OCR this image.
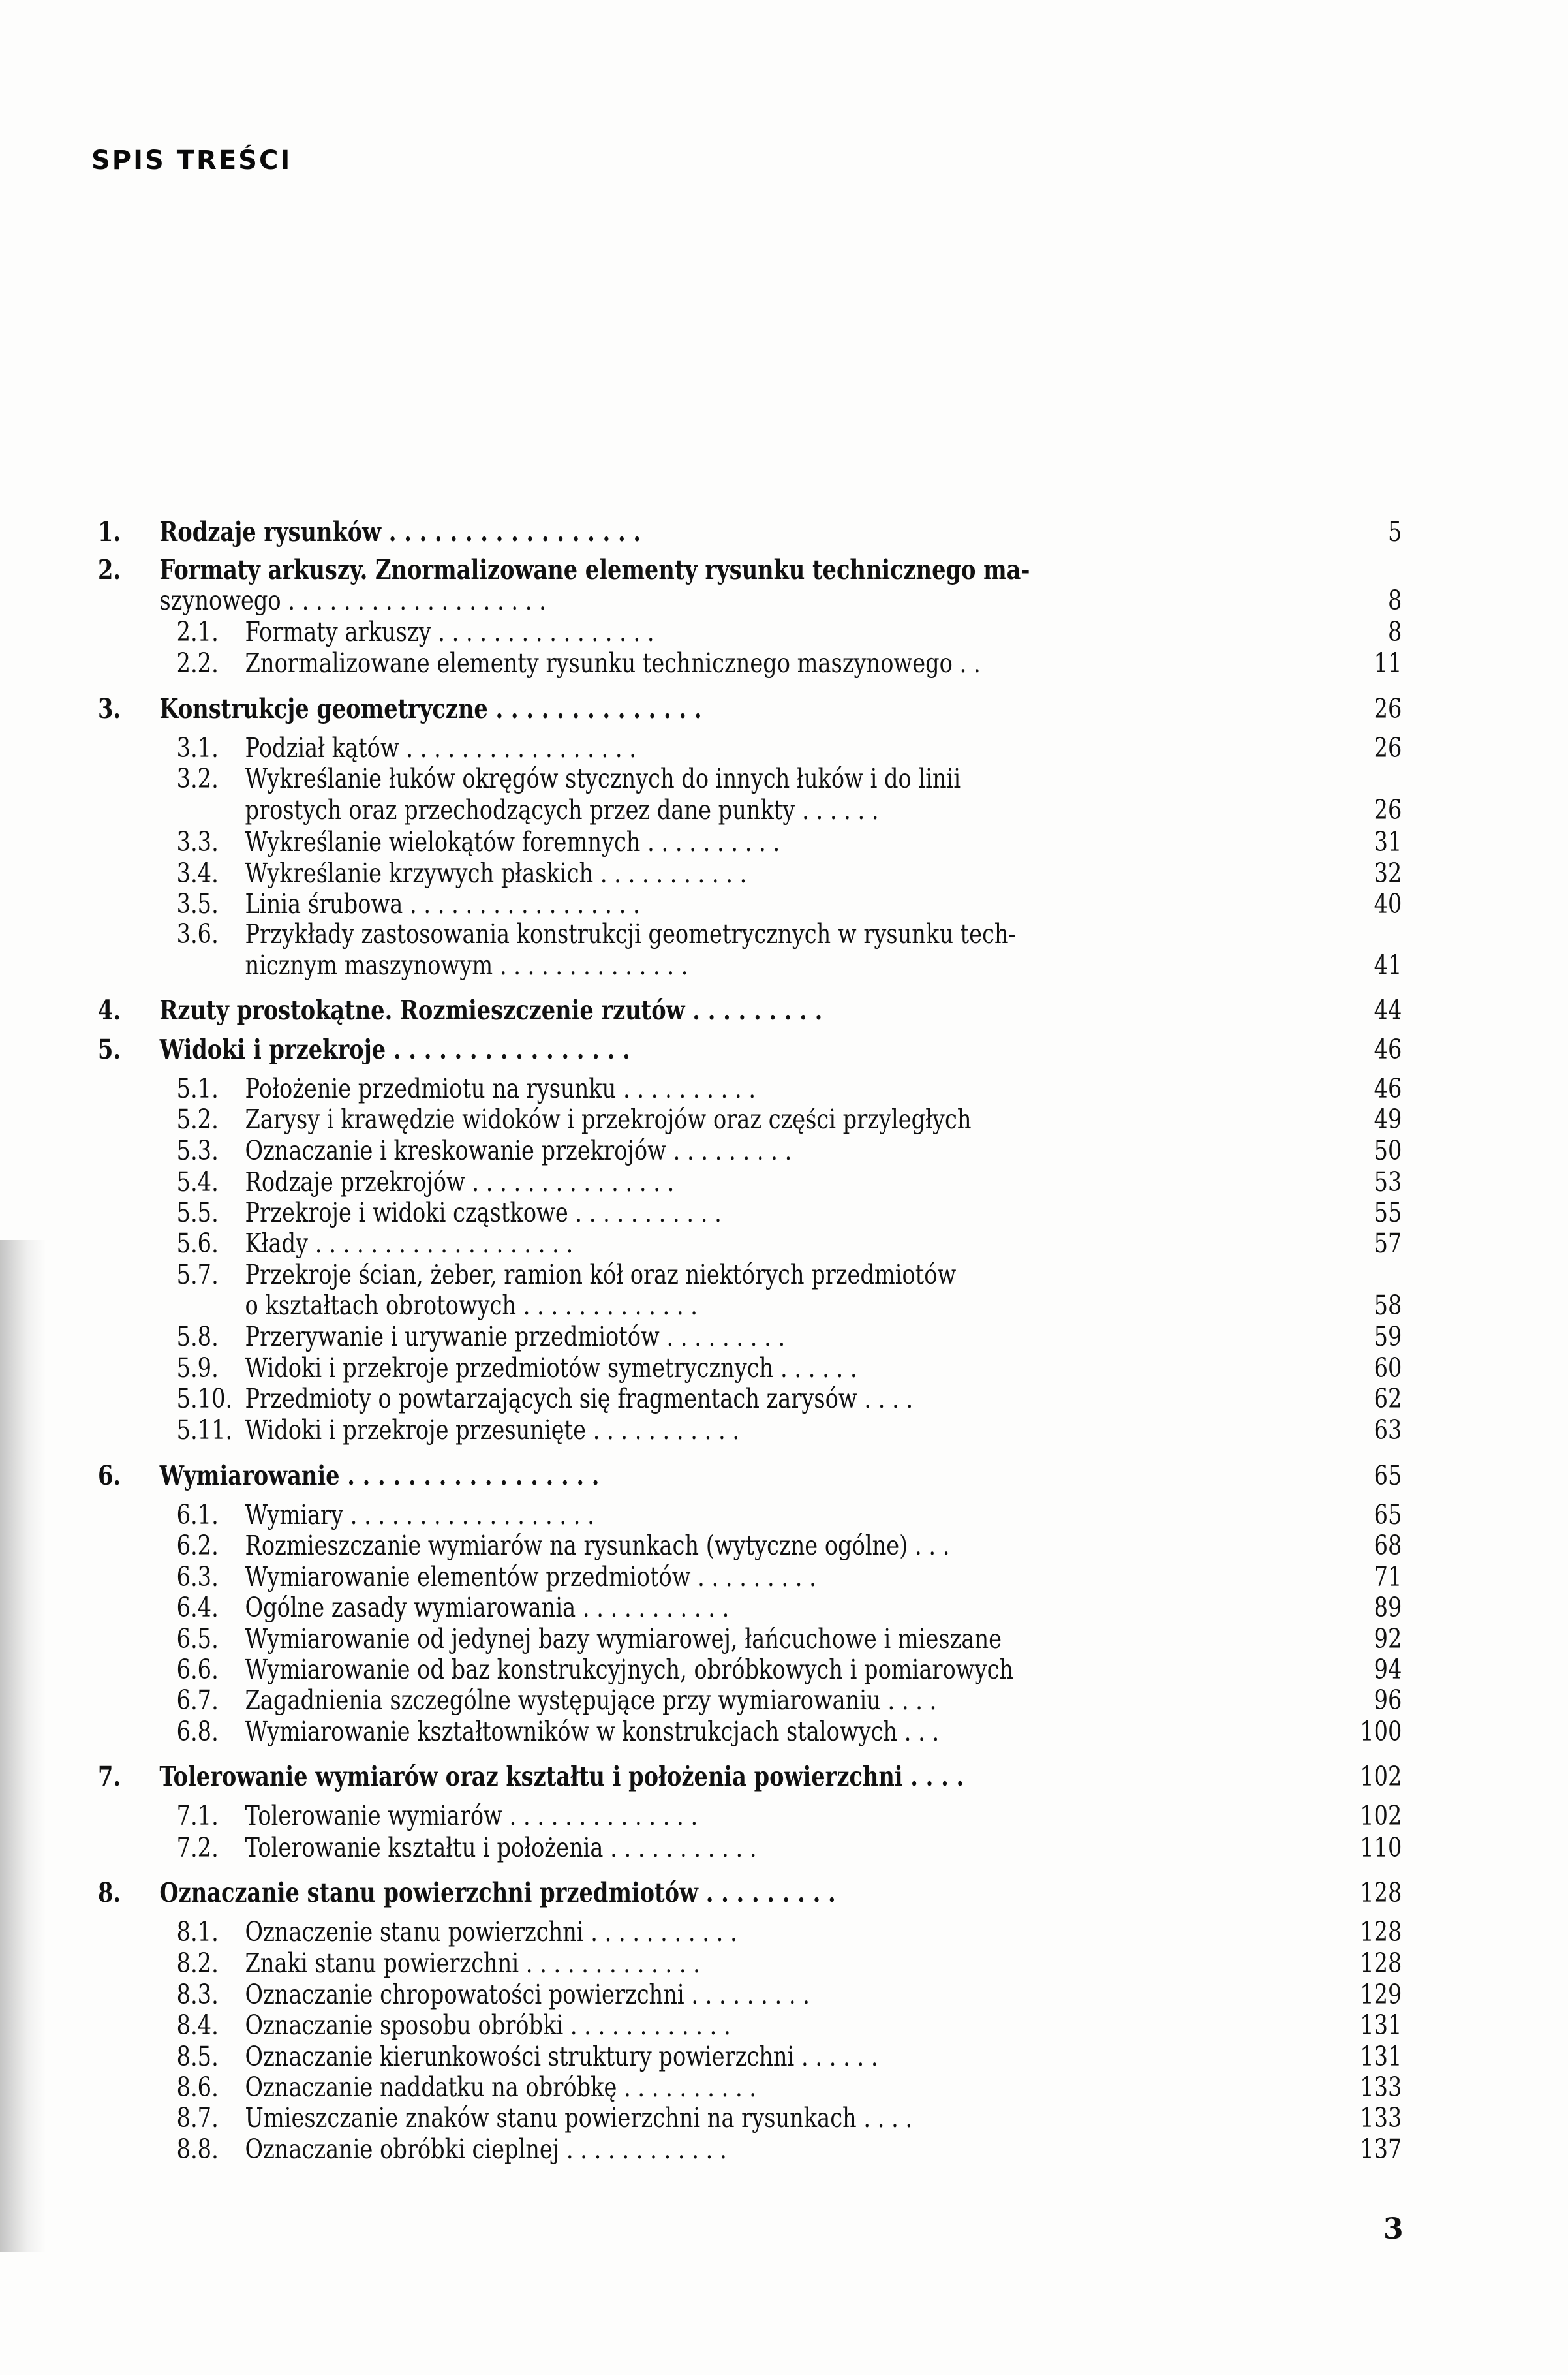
SPIS TREŚCI
1. Rodzaje rysunków . . . . . . . . . . . . . . . . .	5
2. Formaty arkuszy. Znormalizowane elementy rysunku technicznego ma-
szynowego . . . . . . . . . . . . . . . . . . .	8
2.1. Formaty arkuszy . . . . . . . . . . . . . . . .	8
2.2. Znormalizowane elementy rysunku technicznego maszynowego . .	11
3. Konstrukcje geometryczne . . . . . . . . . . . . . .	26
3.1. Podział kątów . . . . . . . . . . . . . . . . .	26
3.2. Wykreślanie łuków okręgów stycznych do innych łuków i do linii
prostych oraz przechodzących przez dane punkty . . . . . .	26
3.3. Wykreślanie wielokątów foremnych . . . . . . . . . .	31
3.4. Wykreślanie krzywych płaskich . . . . . . . . . . .	32
3.5. Linia śrubowa . . . . . . . . . . . . . . . . .	40
3.6. Przykłady zastosowania konstrukcji geometrycznych w rysunku tech-
nicznym maszynowym . . . . . . . . . . . . . .	41
4. Rzuty prostokątne. Rozmieszczenie rzutów . . . . . . . . .	44
5. Widoki i przekroje . . . . . . . . . . . . . . . .	46
5.1. Położenie przedmiotu na rysunku . . . . . . . . . .	46
5.2. Zarysy i krawędzie widoków i przekrojów oraz części przyległych	49
5.3. Oznaczanie i kreskowanie przekrojów . . . . . . . . .	50
5.4. Rodzaje przekrojów . . . . . . . . . . . . . . .	53
5.5. Przekroje i widoki cząstkowe . . . . . . . . . . .	55
5.6. Kłady . . . . . . . . . . . . . . . . . . .	57
5.7. Przekroje ścian, żeber, ramion kół oraz niektórych przedmiotów
o kształtach obrotowych . . . . . . . . . . . . .	58
5.8. Przerywanie i urywanie przedmiotów . . . . . . . . .	59
5.9. Widoki i przekroje przedmiotów symetrycznych . . . . . .	60
5.10. Przedmioty o powtarzających się fragmentach zarysów . . . .	62
5.11. Widoki i przekroje przesunięte . . . . . . . . . . .	63
6. Wymiarowanie . . . . . . . . . . . . . . . . .	65
6.1. Wymiary . . . . . . . . . . . . . . . . . .	65
6.2. Rozmieszczanie wymiarów na rysunkach (wytyczne ogólne) . . .	68
6.3. Wymiarowanie elementów przedmiotów . . . . . . . . .	71
6.4. Ogólne zasady wymiarowania . . . . . . . . . . .	89
6.5. Wymiarowanie od jedynej bazy wymiarowej, łańcuchowe i mieszane	92
6.6. Wymiarowanie od baz konstrukcyjnych, obróbkowych i pomiarowych	94
6.7. Zagadnienia szczególne występujące przy wymiarowaniu . . . .	96
6.8. Wymiarowanie kształtowników w konstrukcjach stalowych . . .	100
7. Tolerowanie wymiarów oraz kształtu i położenia powierzchni . . . .	102
7.1. Tolerowanie wymiarów . . . . . . . . . . . . . .	102
7.2. Tolerowanie kształtu i położenia . . . . . . . . . . .	110
8. Oznaczanie stanu powierzchni przedmiotów . . . . . . . . .	128
8.1. Oznaczenie stanu powierzchni . . . . . . . . . . .	128
8.2. Znaki stanu powierzchni . . . . . . . . . . . . .	128
8.3. Oznaczanie chropowatości powierzchni . . . . . . . . .	129
8.4. Oznaczanie sposobu obróbki . . . . . . . . . . . .	131
8.5. Oznaczanie kierunkowości struktury powierzchni . . . . . .	131
8.6. Oznaczanie naddatku na obróbkę . . . . . . . . . .	133
8.7. Umieszczanie znaków stanu powierzchni na rysunkach . . . .	133
8.8. Oznaczanie obróbki cieplnej . . . . . . . . . . . .	137
3
